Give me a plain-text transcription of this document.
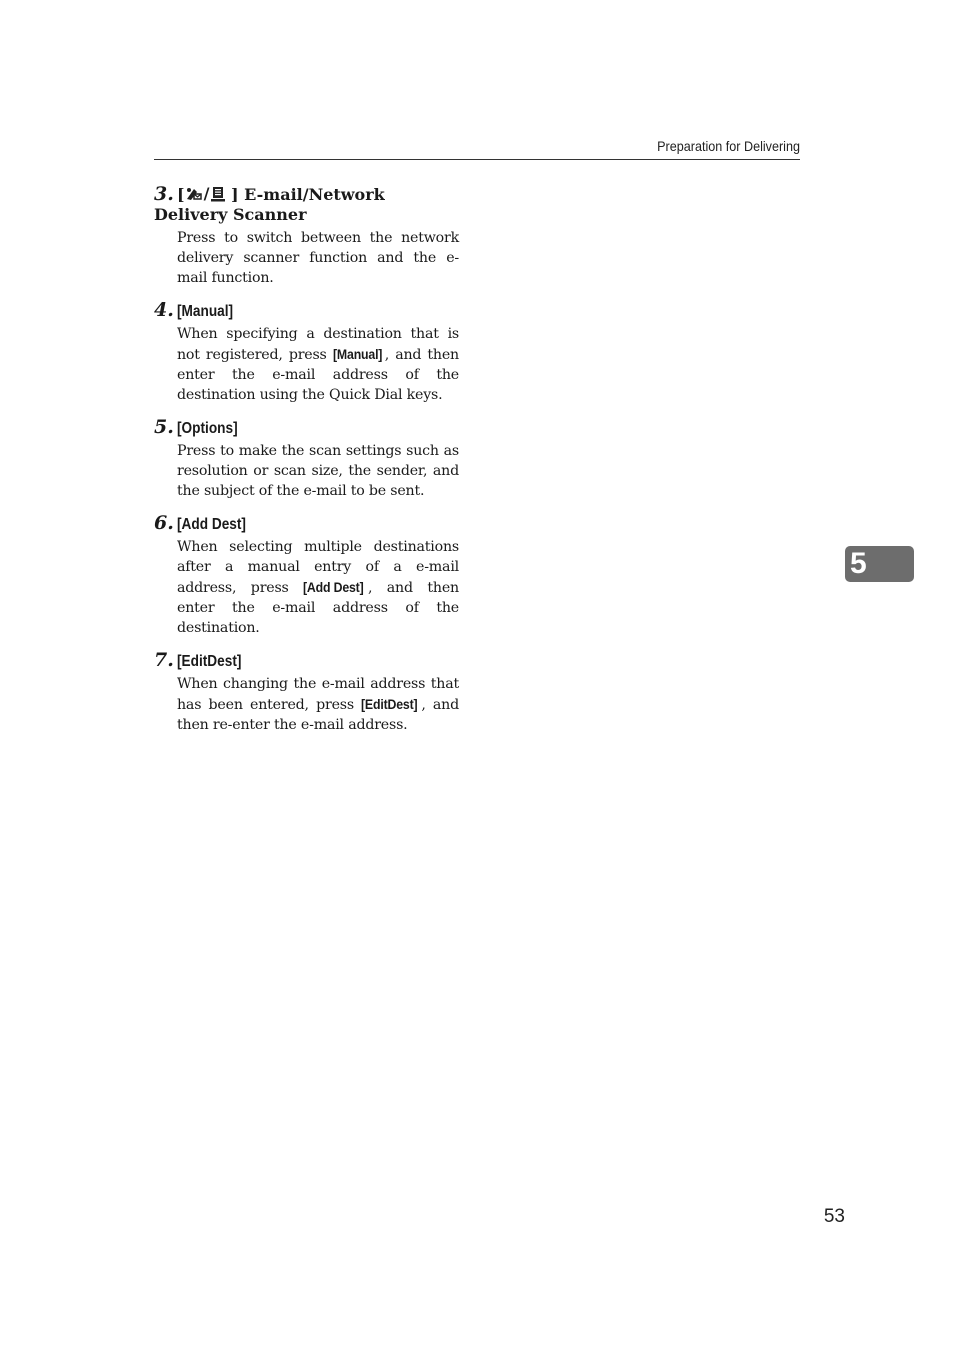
Preparation for Delivering
3. [ / ] E-mail/Network Delivery Scanner
Press to switch between the network delivery scanner function and the e-mail function.
4. [Manual]
When specifying a destination that is not registered, press [Manual] , and then enter the e-mail address of the destination using the Quick Dial keys.
5. [Options]
Press to make the scan settings such as resolution or scan size, the sender, and the subject of the e-mail to be sent.
6. [Add Dest]
When selecting multiple destinations after a manual entry of a e-mail address, press [Add Dest] , and then enter the e-mail address of the destination.
7. [EditDest]
When changing the e-mail address that has been entered, press [EditDest] , and then re-enter the e-mail address.
5
53
